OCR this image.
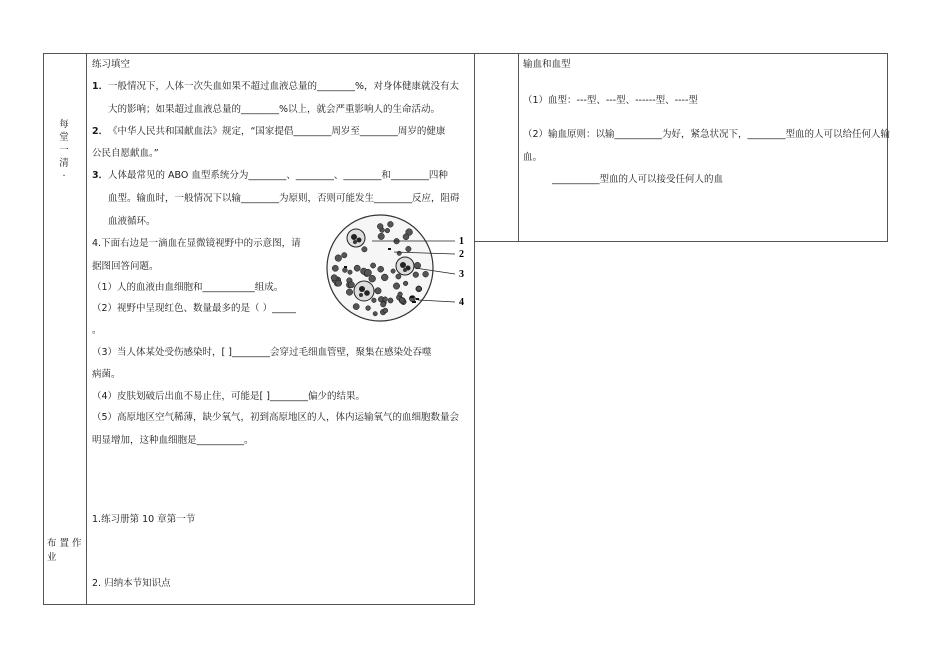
每
堂
一
清
.
布 置 作
业
练习填空
1． 一般情况下，人体一次失血如果不超过血液总量的________%，对身体健康就没有太
大的影响；如果超过血液总量的________%以上，就会严重影响人的生命活动。
2． 《中华人民共和国献血法》规定，“国家提倡________周岁至________周岁的健康
公民自愿献血。”
3． 人体最常见的 ABO 血型系统分为________、________、________和________四种
血型。输血时，一般情况下以输________为原则，否则可能发生________反应，阻碍
血液循环。
4.下面右边是一滴血在显微镜视野中的示意图，请
据图回答问题。
（1）人的血液由血细胞和___________组成。
（2）视野中呈现红色、数量最多的是（ ）_____
。
（3）当人体某处受伤感染时，[ ]________会穿过毛细血管壁，聚集在感染处吞噬
病菌。
（4）皮肤划破后出血不易止住，可能是[ ]________偏少的结果。
（5）高原地区空气稀薄，缺少氧气，初到高原地区的人，体内运输氧气的血细胞数量会
明显增加，这种血细胞是__________。
1.练习册第 10 章第一节
2. 归纳本节知识点
1
2
3
4
输血和血型
（1）血型：---型、---型、------型、----型
（2）输血原则：以输__________为好，紧急状况下，________型血的人可以给任何人输
血。
__________型血的人可以接受任何人的血
